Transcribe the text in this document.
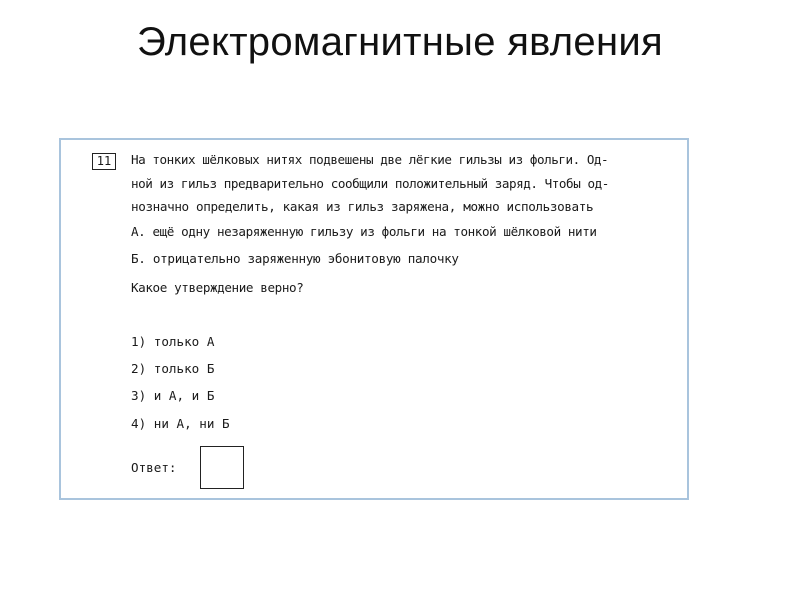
Электромагнитные явления
11	На тонких шёлковых нитях подвешены две лёгкие гильзы из фольги. Од-
ной из гильз предварительно сообщили положительный заряд. Чтобы од-
нозначно определить, какая из гильз заряжена, можно использовать
А. ещё одну незаряженную гильзу из фольги на тонкой шёлковой нити
Б. отрицательно заряженную эбонитовую палочку
Какое утверждение верно?
1) только А
2) только Б
3) и А, и Б
4) ни А, ни Б
Ответ:
